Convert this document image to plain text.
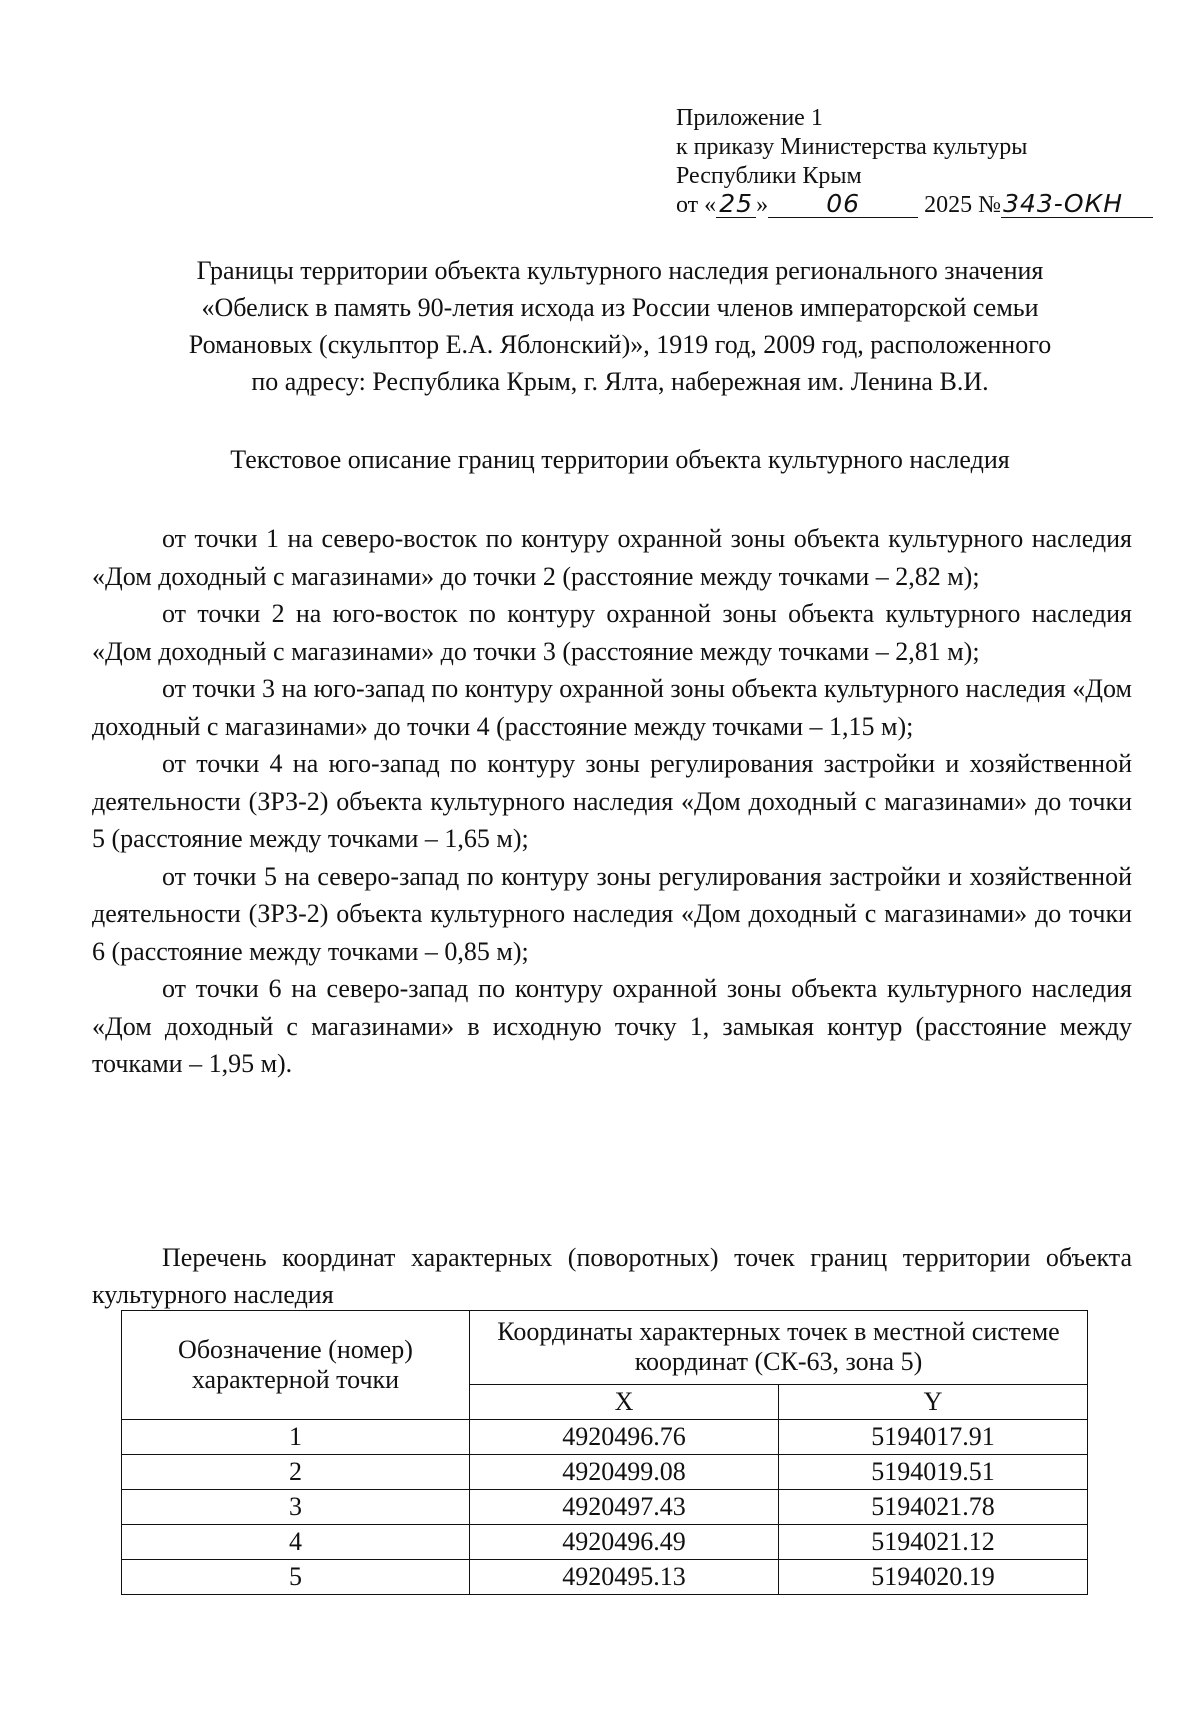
Приложение 1
к приказу Министерства культуры
Республики Крым
от « 25 » 06	2025 №343-ОКН
Границы территории объекта культурного наследия регионального значения
«Обелиск в память 90-летия исхода из России членов императорской семьи
Романовых (скульптор Е.А. Яблонский)», 1919 год, 2009 год, расположенного
по адресу: Республика Крым, г. Ялта, набережная им. Ленина В.И.
Текстовое описание границ территории объекта культурного наследия

от точки 1 на северо-восток по контуру охранной зоны объекта культурного наследия «Дом доходный с магазинами» до точки 2 (расстояние между точками – 2,82 м);

от точки 2 на юго-восток по контуру охранной зоны объекта культурного наследия «Дом доходный с магазинами» до точки 3 (расстояние между точками – 2,81 м);

от точки 3 на юго-запад по контуру охранной зоны объекта культурного наследия «Дом доходный с магазинами» до точки 4 (расстояние между точками – 1,15 м);

от точки 4 на юго-запад по контуру зоны регулирования застройки и хозяйственной деятельности (ЗРЗ-2) объекта культурного наследия «Дом доходный с магазинами» до точки 5 (расстояние между точками – 1,65 м);

от точки 5 на северо-запад по контуру зоны регулирования застройки и хозяйственной деятельности (ЗРЗ-2) объекта культурного наследия «Дом доходный с магазинами» до точки 6 (расстояние между точками – 0,85 м);

от точки 6 на северо-запад по контуру охранной зоны объекта культурного наследия «Дом доходный с магазинами» в исходную точку 1, замыкая контур (расстояние между точками – 1,95 м).

Перечень координат характерных (поворотных) точек границ территории объекта культурного наследия
Обозначение (номер) характерной точки	Координаты характерных точек в местной системе координат (СК-63, зона 5)	
	X	Y
1	4920496.76	5194017.91
2	4920499.08	5194019.51
3	4920497.43	5194021.78
4	4920496.49	5194021.12
5	4920495.13	5194020.19
